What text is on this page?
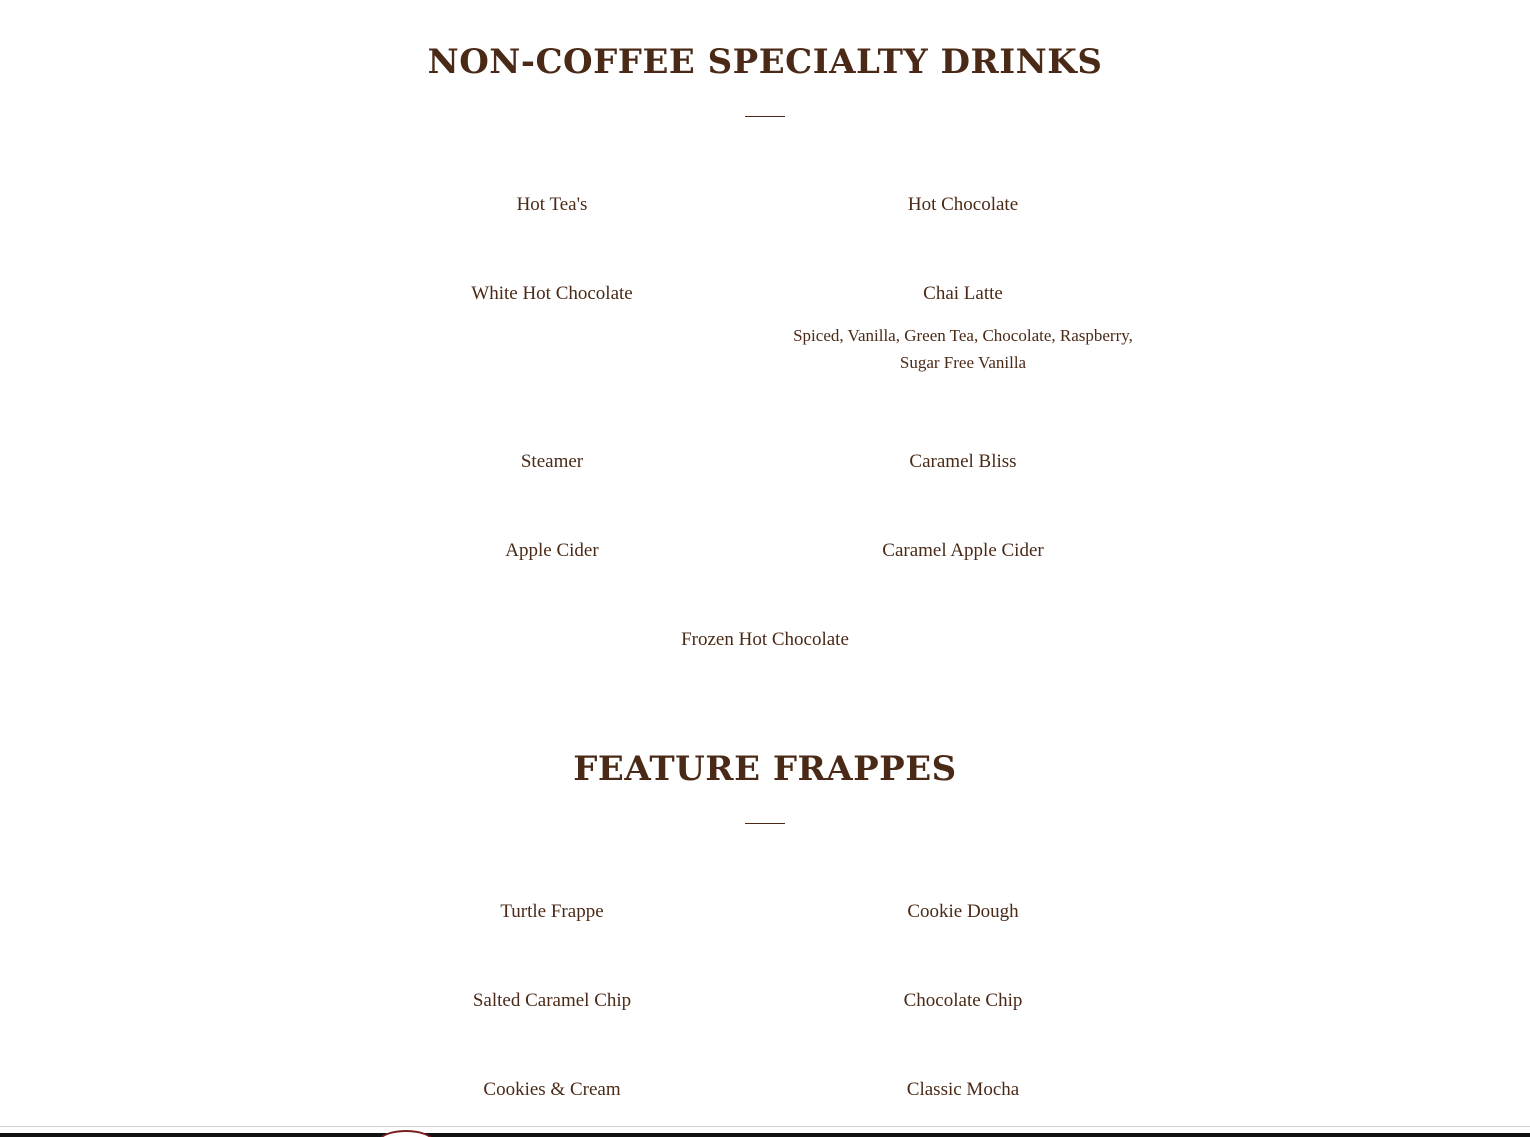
NON-COFFEE SPECIALTY DRINKS
Hot Tea's	Hot Chocolate
White Hot Chocolate	Chai Latte
Spiced, Vanilla, Green Tea, Chocolate, Raspberry, Sugar Free Vanilla
Steamer	Caramel Bliss
Apple Cider	Caramel Apple Cider
Frozen Hot Chocolate
FEATURE FRAPPES
Turtle Frappe	Cookie Dough
Salted Caramel Chip	Chocolate Chip
Cookies & Cream	Classic Mocha
